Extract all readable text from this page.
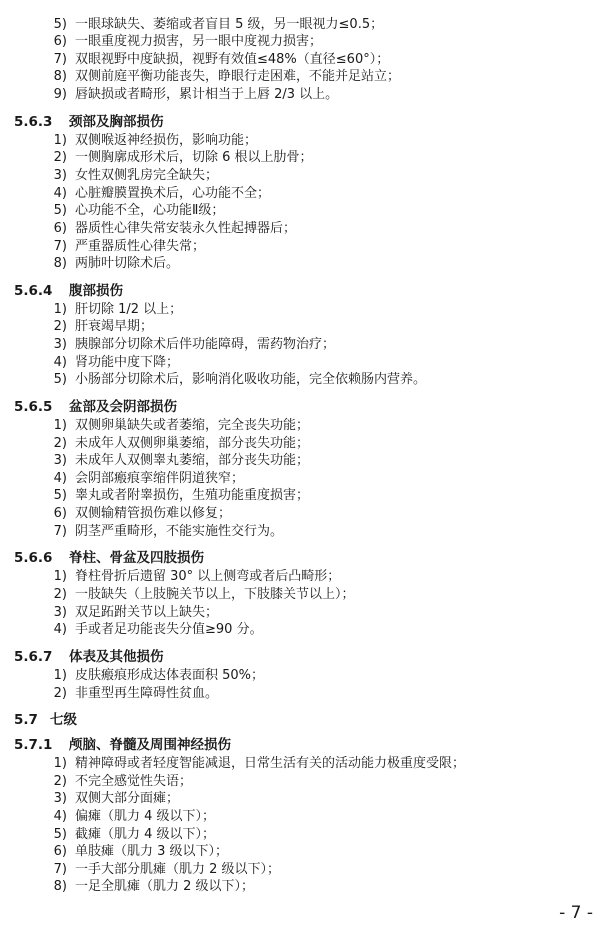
5) 一眼球缺失、萎缩或者盲目 5 级，另一眼视力≤0.5；
6) 一眼重度视力损害，另一眼中度视力损害；
7) 双眼视野中度缺损，视野有效值≤48%（直径≤60°）；
8) 双侧前庭平衡功能丧失，睁眼行走困难，不能并足站立；
9) 唇缺损或者畸形，累计相当于上唇 2/3 以上。
5.6.3 颈部及胸部损伤
1) 双侧喉返神经损伤，影响功能；
2) 一侧胸廓成形术后，切除 6 根以上肋骨；
3) 女性双侧乳房完全缺失；
4) 心脏瓣膜置换术后，心功能不全；
5) 心功能不全，心功能Ⅱ级；
6) 器质性心律失常安装永久性起搏器后；
7) 严重器质性心律失常；
8) 两肺叶切除术后。
5.6.4 腹部损伤
1) 肝切除 1/2 以上；
2) 肝衰竭早期；
3) 胰腺部分切除术后伴功能障碍，需药物治疗；
4) 肾功能中度下降；
5) 小肠部分切除术后，影响消化吸收功能，完全依赖肠内营养。
5.6.5 盆部及会阴部损伤
1) 双侧卵巢缺失或者萎缩，完全丧失功能；
2) 未成年人双侧卵巢萎缩，部分丧失功能；
3) 未成年人双侧睾丸萎缩，部分丧失功能；
4) 会阴部瘢痕挛缩伴阴道狭窄；
5) 睾丸或者附睾损伤，生殖功能重度损害；
6) 双侧输精管损伤难以修复；
7) 阴茎严重畸形，不能实施性交行为。
5.6.6 脊柱、骨盆及四肢损伤
1) 脊柱骨折后遗留 30° 以上侧弯或者后凸畸形；
2) 一肢缺失（上肢腕关节以上，下肢膝关节以上）；
3) 双足跖跗关节以上缺失；
4) 手或者足功能丧失分值≥90 分。
5.6.7 体表及其他损伤
1) 皮肤瘢痕形成达体表面积 50%；
2) 非重型再生障碍性贫血。
5.7 七级
5.7.1 颅脑、脊髓及周围神经损伤
1) 精神障碍或者轻度智能减退，日常生活有关的活动能力极重度受限；
2) 不完全感觉性失语；
3) 双侧大部分面瘫；
4) 偏瘫（肌力 4 级以下）；
5) 截瘫（肌力 4 级以下）；
6) 单肢瘫（肌力 3 级以下）；
7) 一手大部分肌瘫（肌力 2 级以下）；
8) 一足全肌瘫（肌力 2 级以下）；
- 7 -
